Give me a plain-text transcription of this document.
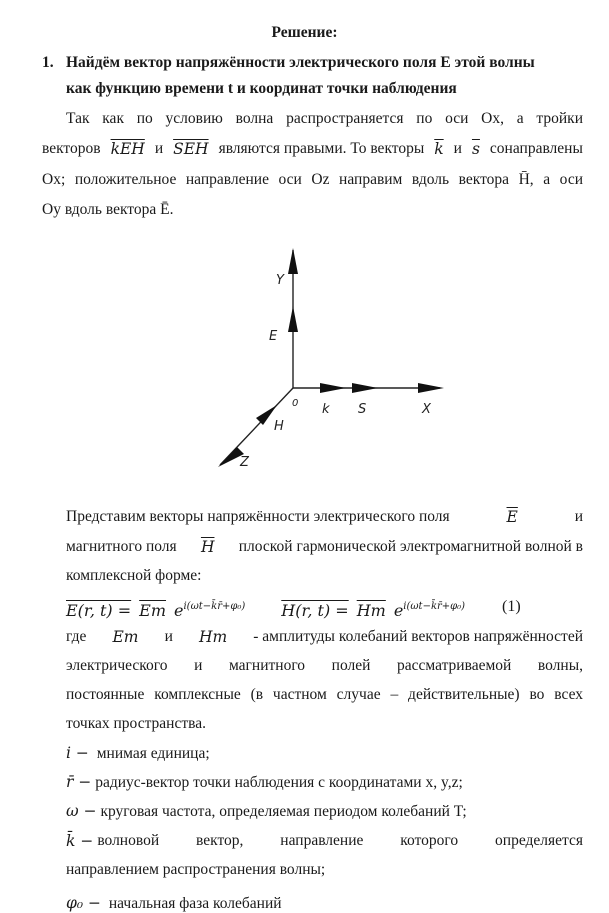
Решение:
1. Найдём вектор напряжённости электрического поля E этой волны
как функцию времени t и координат точки наблюдения
Так как по условию волна распространяется по оси Ох, а тройки
векторов $\overline{kEH}$ и $\overline{SEH}$ являются правыми. То векторы $\overline{k}$ и $\overline{s}$ сонаправлены
Ох; положительное направление оси Oz направим вдоль вектора H̄, а оси
Оу вдоль вектора Ē.
Y
E
0 k S	X
H
Z
Представим векторы напряжённости электрического поля	$\overline{E}$	и
магнитного поля $\overline{H}$ плоской гармонической электромагнитной волной в
комплексной форме:
E(r, $t) = \overline{Em}$ $e^{i(\omega t-k̄r̄+\varphi_0)}$ H(r, $t) = \overline{Hm}$ $e^{i(\omega t-k̄r̄+\varphi_0)}$ (1)
где Em и Hm - амплитуды колебаний векторов напряжённостей
электрического и магнитного полей рассматриваемой волны,
постоянные комплексные (в частном случае – действительные) во всех
точках пространства.
i − мнимая единица;
r̄ − радиус-вектор точки наблюдения с координатами x, y,z;
ω − круговая частота, определяемая периодом колебаний T;
k̄ − волновой вектор, направление которого определяется
направлением распространения волны;
φ₀ − начальная фаза колебаний
